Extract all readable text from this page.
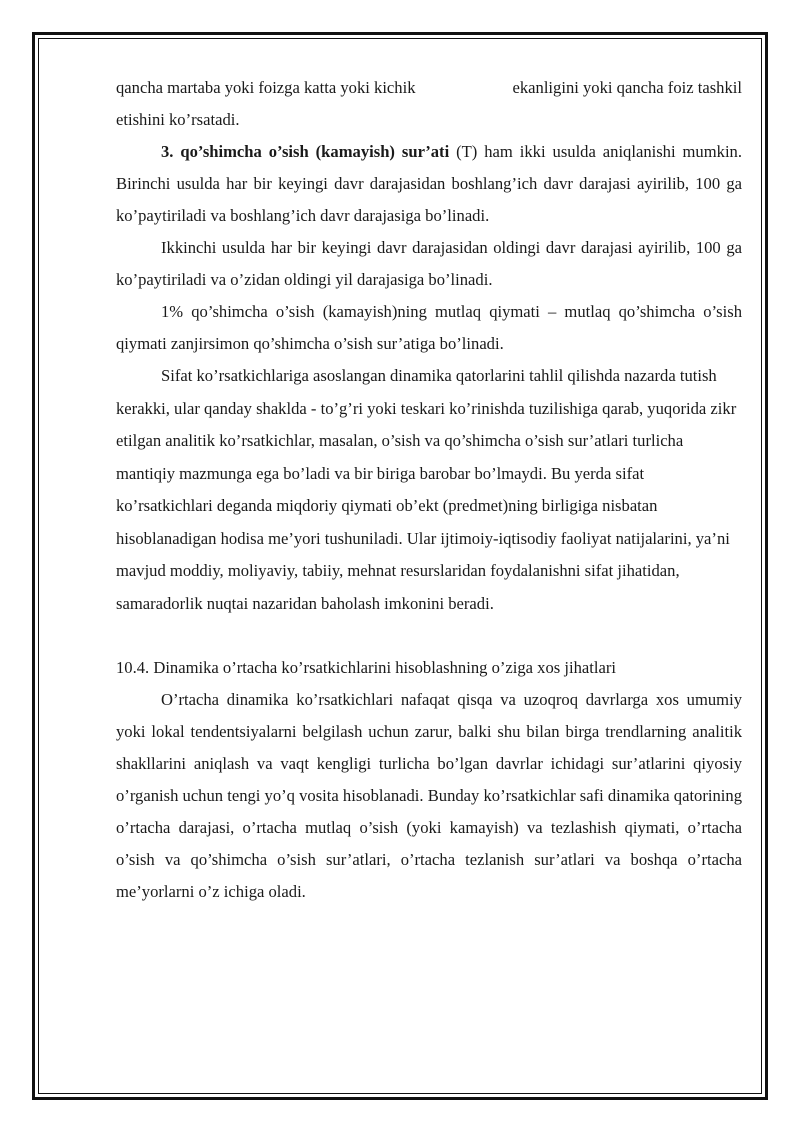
qancha martaba yoki foizga katta yoki kichik	ekanligini yoki qancha foiz tashkil

etishini ko’rsatadi.

3. qo’shimcha o’sish (kamayish) sur’ati (T) ham ikki usulda aniqlanishi mumkin. Birinchi usulda har bir keyingi davr darajasidan boshlang’ich davr darajasi ayirilib, 100 ga ko’paytiriladi va boshlang’ich davr darajasiga bo’linadi.

Ikkinchi usulda har bir keyingi davr darajasidan oldingi davr darajasi ayirilib, 100 ga ko’paytiriladi va o’zidan oldingi yil darajasiga bo’linadi.

1% qo’shimcha o’sish (kamayish)ning mutlaq qiymati – mutlaq qo’shimcha o’sish qiymati zanjirsimon qo’shimcha o’sish sur’atiga bo’linadi.

Sifat ko’rsatkichlariga asoslangan dinamika qatorlarini tahlil qilishda nazarda tutish kerakki, ular qanday shaklda - to’g’ri yoki teskari ko’rinishda tuzilishiga qarab, yuqorida zikr etilgan analitik ko’rsatkichlar, masalan, o’sish va qo’shimcha o’sish sur’atlari turlicha mantiqiy mazmunga ega bo’ladi va bir biriga barobar bo’lmaydi. Bu yerda sifat ko’rsatkichlari deganda miqdoriy qiymati ob’ekt (predmet)ning birligiga nisbatan hisoblanadigan hodisa me’yori tushuniladi. Ular ijtimoiy-iqtisodiy faoliyat natijalarini, ya’ni mavjud moddiy, moliyaviy, tabiiy, mehnat resurslaridan foydalanishni sifat jihatidan, samaradorlik nuqtai nazaridan baholash imkonini beradi.

10.4. Dinamika o’rtacha ko’rsatkichlarini hisoblashning o’ziga xos jihatlari

O’rtacha dinamika ko’rsatkichlari nafaqat qisqa va uzoqroq davrlarga xos umumiy yoki lokal tendentsiyalarni belgilash uchun zarur, balki shu bilan birga trendlarning analitik shakllarini aniqlash va vaqt kengligi turlicha bo’lgan davrlar ichidagi sur’atlarini qiyosiy o’rganish uchun tengi yo’q vosita hisoblanadi. Bunday ko’rsatkichlar safi dinamika qatorining o’rtacha darajasi, o’rtacha mutlaq o’sish (yoki kamayish) va tezlashish qiymati, o’rtacha o’sish va qo’shimcha o’sish sur’atlari, o’rtacha tezlanish sur’atlari va boshqa o’rtacha me’yorlarni o’z ichiga oladi.
